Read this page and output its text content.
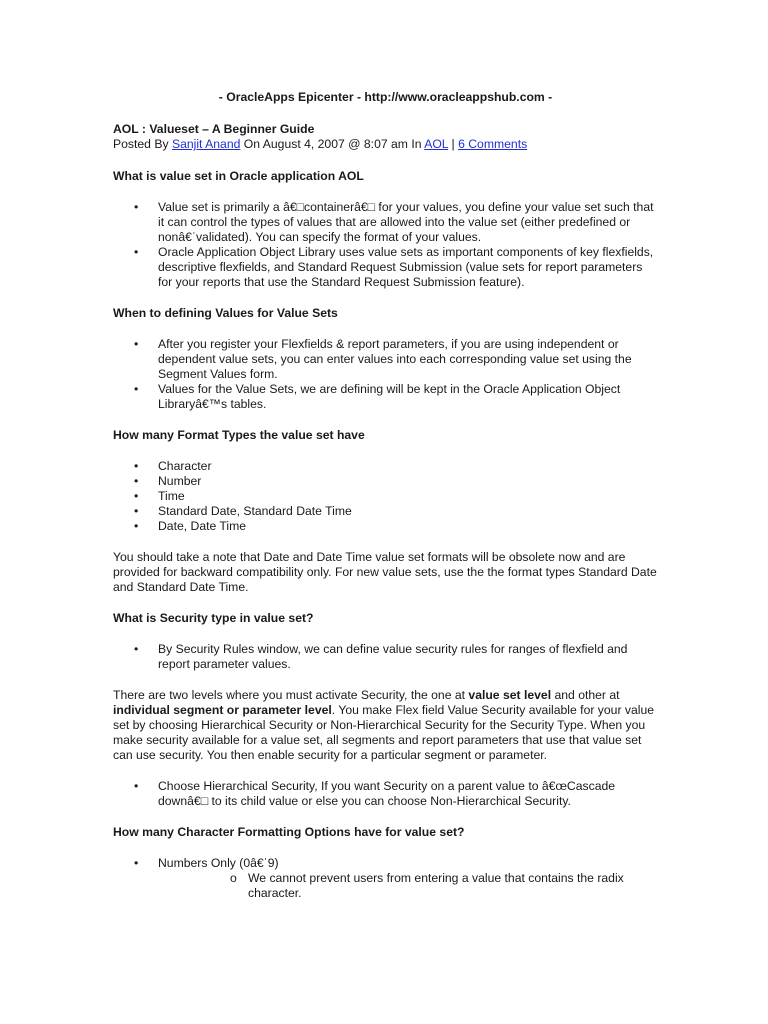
- OracleApps Epicenter - http://www.oracleappshub.com -
AOL : Valueset – A Beginner Guide
Posted By Sanjit Anand On August 4, 2007 @ 8:07 am In AOL | 6 Comments
What is value set in Oracle application AOL
• Value set is primarily a â€□containerâ€□ for your values, you define your value set such that it can control the types of values that are allowed into the value set (either predefined or nonâ€ˈvalidated). You can specify the format of your values.
• Oracle Application Object Library uses value sets as important components of key flexfields, descriptive flexfields, and Standard Request Submission (value sets for report parameters for your reports that use the Standard Request Submission feature).
When to defining Values for Value Sets
• After you register your Flexfields & report parameters, if you are using independent or dependent value sets, you can enter values into each corresponding value set using the Segment Values form.
• Values for the Value Sets, we are defining will be kept in the Oracle Application Object Libraryâ€™s tables.
How many Format Types the value set have
• Character
• Number
• Time
• Standard Date, Standard Date Time
• Date, Date Time

You should take a note that Date and Date Time value set formats will be obsolete now and are provided for backward compatibility only. For new value sets, use the the format types Standard Date and Standard Date Time.

What is Security type in value set?
• By Security Rules window, we can define value security rules for ranges of flexfield and report parameter values.

There are two levels where you must activate Security, the one at value set level and other at individual segment or parameter level. You make Flex field Value Security available for your value set by choosing Hierarchical Security or Non-Hierarchical Security for the Security Type. When you make security available for a value set, all segments and report parameters that use that value set can use security. You then enable security for a particular segment or parameter.

• Choose Hierarchical Security, If you want Security on a parent value to â€œCascade downâ€□ to its child value or else you can choose Non-Hierarchical Security.
How many Character Formatting Options have for value set?
• Numbers Only (0â€ˈ9)
o We cannot prevent users from entering a value that contains the radix character.
